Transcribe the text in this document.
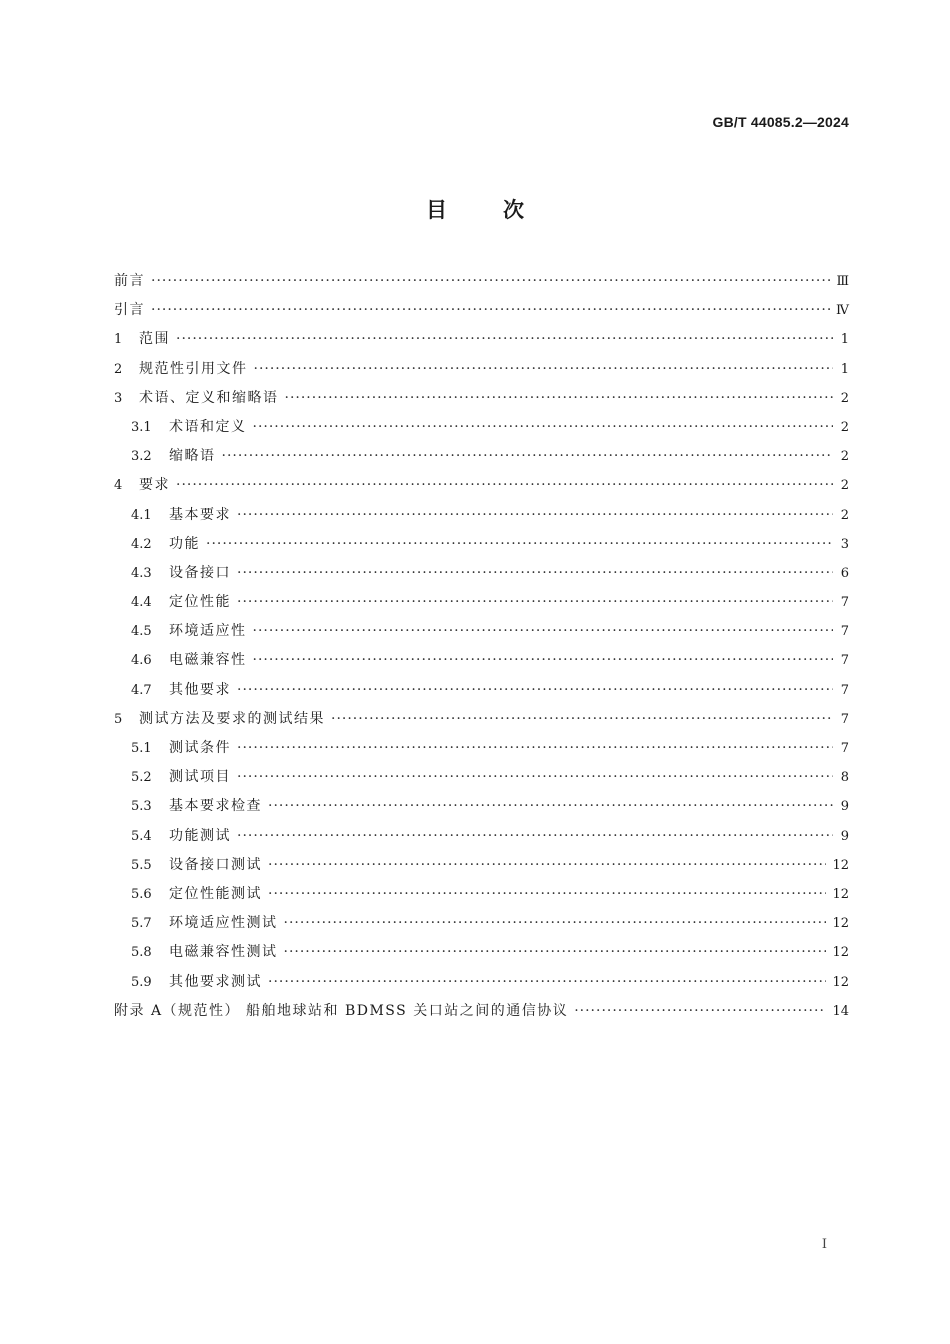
GB/T 44085.2—2024
目次
前言 ·····	Ⅲ
引言 ·····	Ⅳ
1	范围 ·····	1
2	规范性引用文件 ·····	1
3	术语、定义和缩略语 ·····	2
3.1	术语和定义 ·····	2
3.2	缩略语 ·····	2
4	要求 ·····	2
4.1	基本要求 ·····	2
4.2	功能 ·····	3
4.3	设备接口 ·····	6
4.4	定位性能 ·····	7
4.5	环境适应性 ·····	7
4.6	电磁兼容性 ·····	7
4.7	其他要求 ·····	7
5	测试方法及要求的测试结果 ·····	7
5.1	测试条件 ·····	7
5.2	测试项目 ·····	8
5.3	基本要求检查 ·····	9
5.4	功能测试 ·····	9
5.5	设备接口测试 ·····	12
5.6	定位性能测试 ·····	12
5.7	环境适应性测试 ·····	12
5.8	电磁兼容性测试 ·····	12
5.9	其他要求测试 ·····	12
附录 A（规范性） 船舶地球站和 BDMSS 关口站之间的通信协议 ·····	14
I
